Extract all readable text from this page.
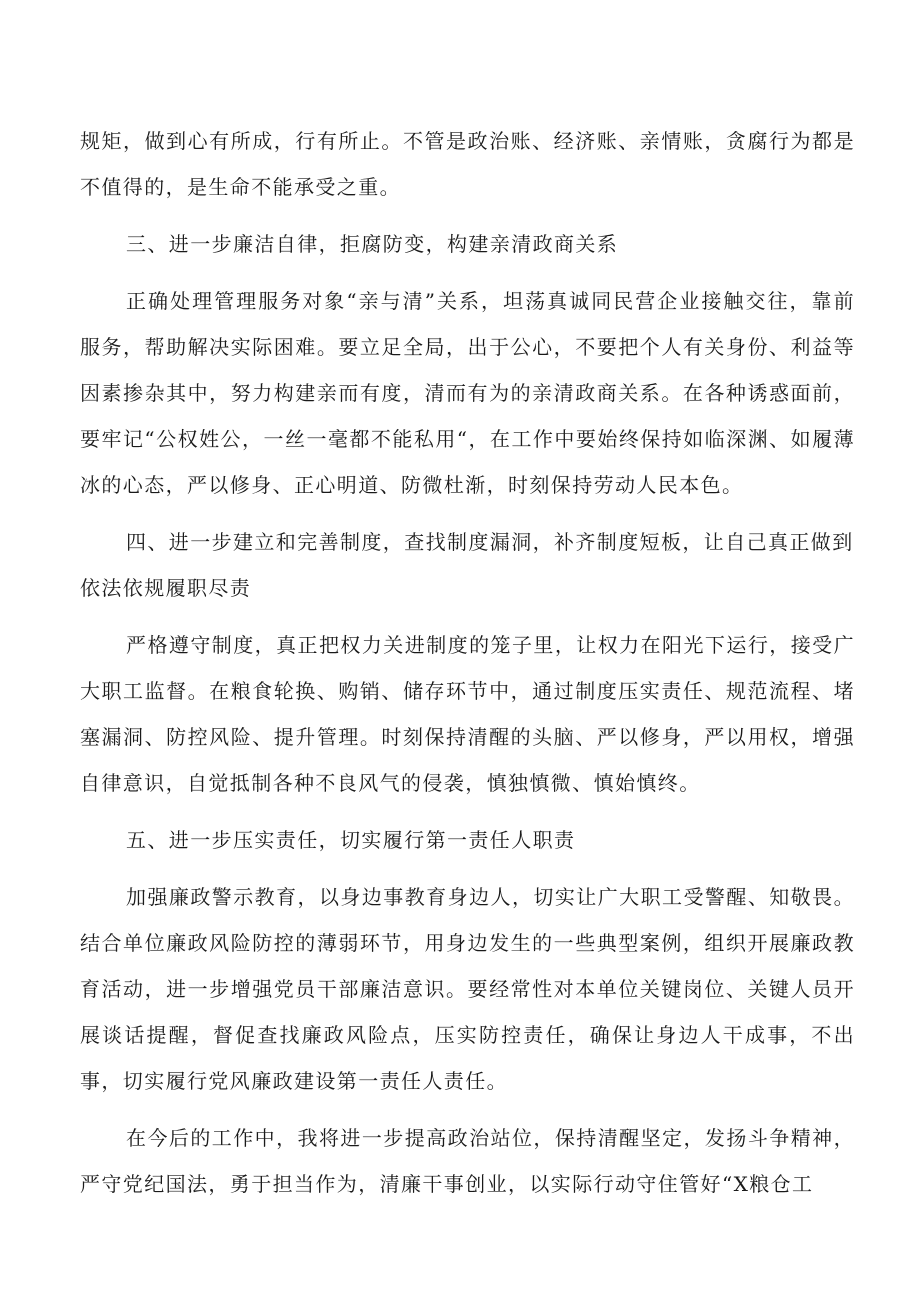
规矩，做到心有所成，行有所止。不管是政治账、经济账、亲情账，贪腐行为都是不值得的，是生命不能承受之重。

三、进一步廉洁自律，拒腐防变，构建亲清政商关系

正确处理管理服务对象“亲与清”关系，坦荡真诚同民营企业接触交往，靠前服务，帮助解决实际困难。要立足全局，出于公心，不要把个人有关身份、利益等因素掺杂其中，努力构建亲而有度，清而有为的亲清政商关系。在各种诱惑面前，要牢记“公权姓公，一丝一毫都不能私用“，在工作中要始终保持如临深渊、如履薄冰的心态，严以修身、正心明道、防微杜渐，时刻保持劳动人民本色。

四、进一步建立和完善制度，查找制度漏洞，补齐制度短板，让自己真正做到依法依规履职尽责

严格遵守制度，真正把权力关进制度的笼子里，让权力在阳光下运行，接受广大职工监督。在粮食轮换、购销、储存环节中，通过制度压实责任、规范流程、堵塞漏洞、防控风险、提升管理。时刻保持清醒的头脑、严以修身，严以用权，增强自律意识，自觉抵制各种不良风气的侵袭，慎独慎微、慎始慎终。

五、进一步压实责任，切实履行第一责任人职责

加强廉政警示教育，以身边事教育身边人，切实让广大职工受警醒、知敬畏。结合单位廉政风险防控的薄弱环节，用身边发生的一些典型案例，组织开展廉政教育活动，进一步增强党员干部廉洁意识。要经常性对本单位关键岗位、关键人员开展谈话提醒，督促查找廉政风险点，压实防控责任，确保让身边人干成事，不出事，切实履行党风廉政建设第一责任人责任。

在今后的工作中，我将进一步提高政治站位，保持清醒坚定，发扬斗争精神，严守党纪国法，勇于担当作为，清廉干事创业，以实际行动守住管好“X粮仓工
